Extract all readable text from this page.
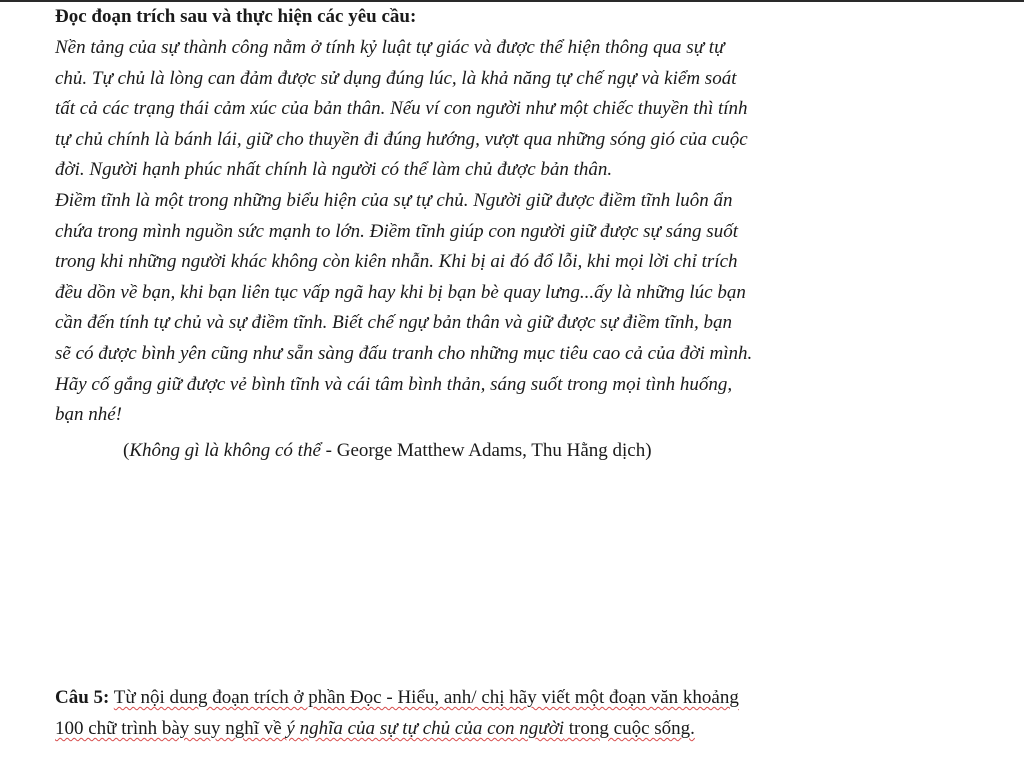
Đọc đoạn trích sau và thực hiện các yêu cầu:
Nền tảng của sự thành công nằm ở tính kỷ luật tự giác và được thể hiện thông qua sự tự
chủ. Tự chủ là lòng can đảm được sử dụng đúng lúc, là khả năng tự chế ngự và kiểm soát
tất cả các trạng thái cảm xúc của bản thân. Nếu ví con người như một chiếc thuyền thì tính
tự chủ chính là bánh lái, giữ cho thuyền đi đúng hướng, vượt qua những sóng gió của cuộc
đời. Người hạnh phúc nhất chính là người có thể làm chủ được bản thân.
Điềm tĩnh là một trong những biểu hiện của sự tự chủ. Người giữ được điềm tĩnh luôn ẩn
chứa trong mình nguồn sức mạnh to lớn. Điềm tĩnh giúp con người giữ được sự sáng suốt
trong khi những người khác không còn kiên nhẫn. Khi bị ai đó đổ lỗi, khi mọi lời chỉ trích
đều dồn về bạn, khi bạn liên tục vấp ngã hay khi bị bạn bè quay lưng...ấy là những lúc bạn
cần đến tính tự chủ và sự điềm tĩnh. Biết chế ngự bản thân và giữ được sự điềm tĩnh, bạn
sẽ có được bình yên cũng như sẵn sàng đấu tranh cho những mục tiêu cao cả của đời mình.
Hãy cố gắng giữ được vẻ bình tĩnh và cái tâm bình thản, sáng suốt trong mọi tình huống,
bạn nhé!
(Không gì là không có thể - George Matthew Adams, Thu Hằng dịch)
Câu 5: Từ nội dung đoạn trích ở phần Đọc - Hiểu, anh/ chị hãy viết một đoạn văn khoảng
100 chữ trình bày suy nghĩ về ý nghĩa của sự tự chủ của con người trong cuộc sống.
